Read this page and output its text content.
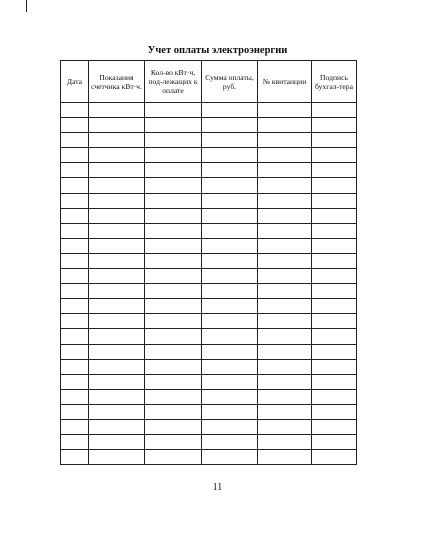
Учет оплаты электроэнергии
Дата	Показания счетчика кВт·ч.	Кол-во кВт·ч, под-лежащих к оплате	Сумма оплаты, руб.	№ квитанции	Подпись бухгал-тера

11
